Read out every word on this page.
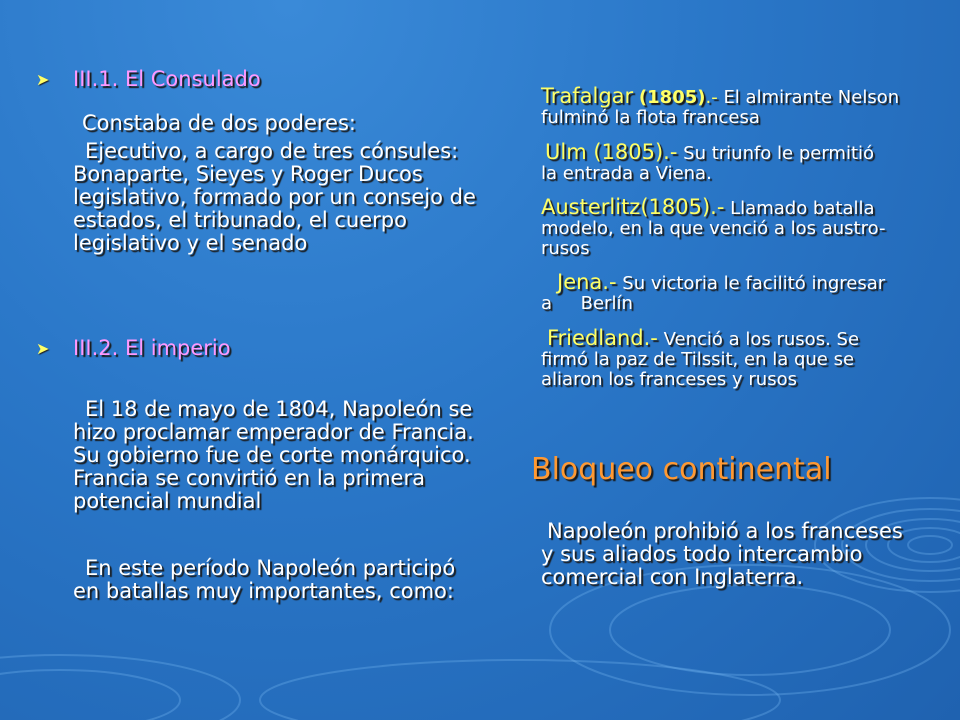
➤ III.1. El Consulado

Constaba de dos poderes:

Ejecutivo, a cargo de tres cónsules: Bonaparte, Sieyes y Roger Ducos legislativo, formado por un consejo de estados, el tribunado, el cuerpo legislativo y el senado

➤ III.2. El imperio

El 18 de mayo de 1804, Napoleón se hizo proclamar emperador de Francia. Su gobierno fue de corte monárquico. Francia se convirtió en la primera potencial mundial

En este período Napoleón participó en batallas muy importantes, como:

Trafalgar (1805).- El almirante Nelson fulminó la flota francesa

Ulm (1805).- Su triunfo le permitió la entrada a Viena.

Austerlitz(1805).- Llamado batalla modelo, en la que venció a los austro- rusos

Jena.- Su victoria le facilitó ingresar a     Berlín

Friedland.- Venció a los rusos. Se firmó la paz de Tilssit, en la que se aliaron los franceses y rusos

Bloqueo continental

Napoleón prohibió a los franceses y sus aliados todo intercambio comercial con Inglaterra.
